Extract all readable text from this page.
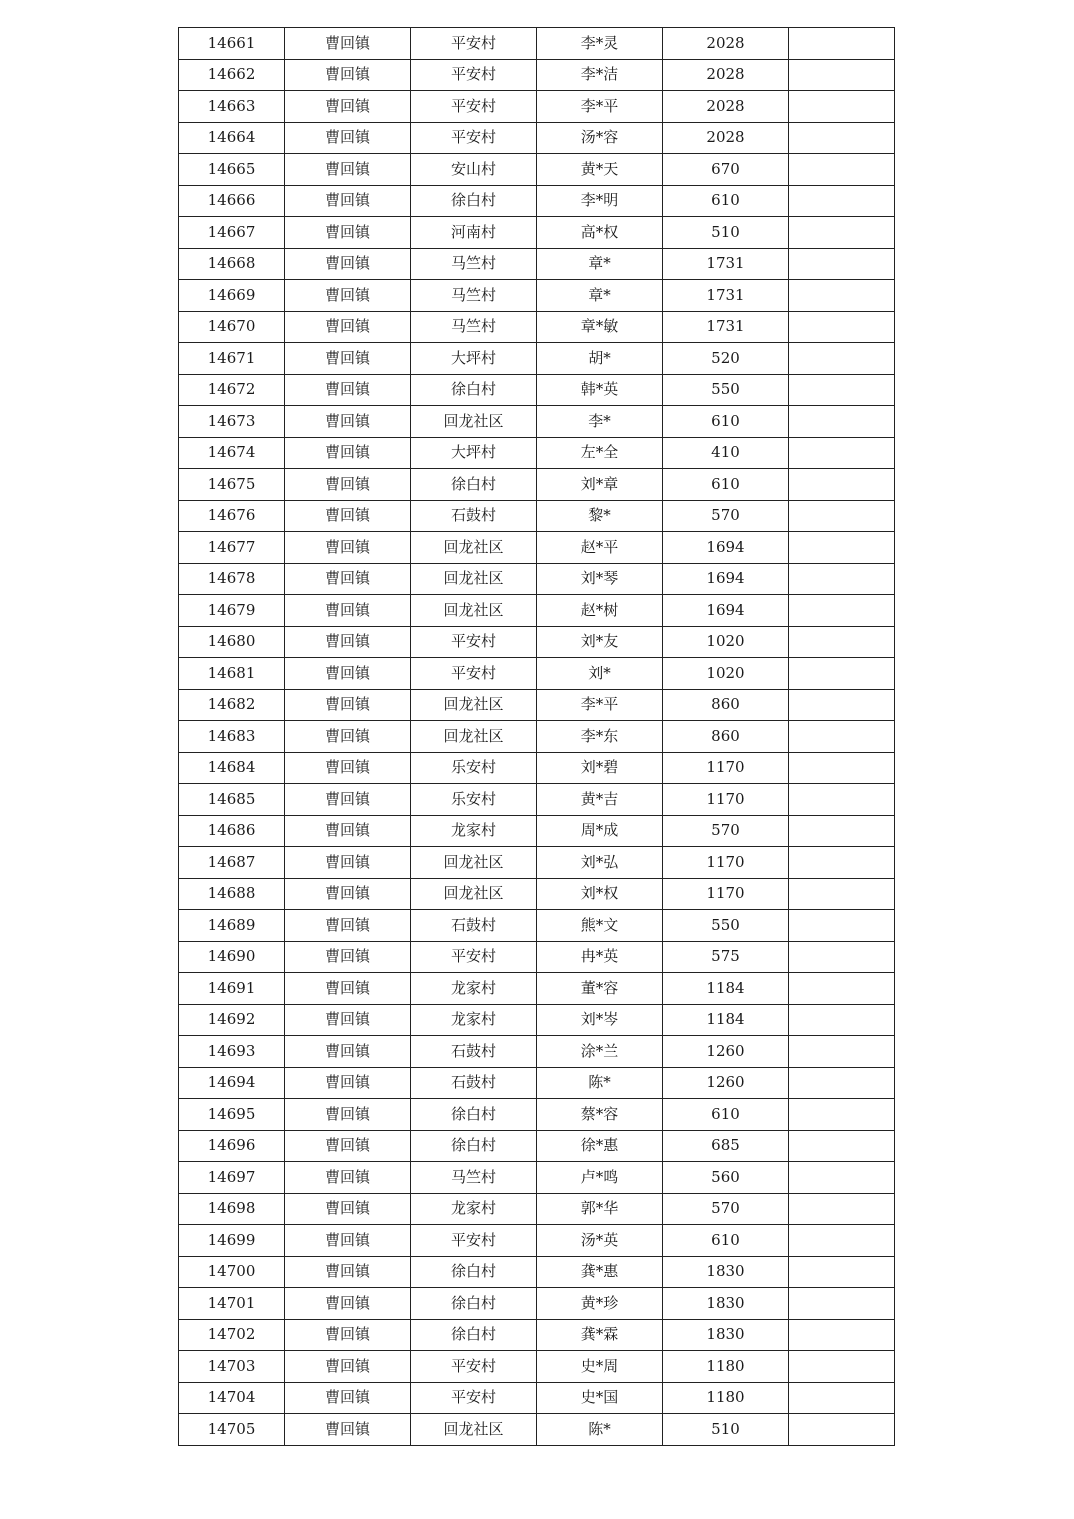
14661	曹回镇	平安村	李*灵	2028	
14662	曹回镇	平安村	李*洁	2028	
14663	曹回镇	平安村	李*平	2028	
14664	曹回镇	平安村	汤*容	2028	
14665	曹回镇	安山村	黄*天	670	
14666	曹回镇	徐白村	李*明	610	
14667	曹回镇	河南村	高*权	510	
14668	曹回镇	马竺村	章*	1731	
14669	曹回镇	马竺村	章*	1731	
14670	曹回镇	马竺村	章*敏	1731	
14671	曹回镇	大坪村	胡*	520	
14672	曹回镇	徐白村	韩*英	550	
14673	曹回镇	回龙社区	李*	610	
14674	曹回镇	大坪村	左*全	410	
14675	曹回镇	徐白村	刘*章	610	
14676	曹回镇	石鼓村	黎*	570	
14677	曹回镇	回龙社区	赵*平	1694	
14678	曹回镇	回龙社区	刘*琴	1694	
14679	曹回镇	回龙社区	赵*树	1694	
14680	曹回镇	平安村	刘*友	1020	
14681	曹回镇	平安村	刘*	1020	
14682	曹回镇	回龙社区	李*平	860	
14683	曹回镇	回龙社区	李*东	860	
14684	曹回镇	乐安村	刘*碧	1170	
14685	曹回镇	乐安村	黄*吉	1170	
14686	曹回镇	龙家村	周*成	570	
14687	曹回镇	回龙社区	刘*弘	1170	
14688	曹回镇	回龙社区	刘*权	1170	
14689	曹回镇	石鼓村	熊*文	550	
14690	曹回镇	平安村	冉*英	575	
14691	曹回镇	龙家村	董*容	1184	
14692	曹回镇	龙家村	刘*岑	1184	
14693	曹回镇	石鼓村	涂*兰	1260	
14694	曹回镇	石鼓村	陈*	1260	
14695	曹回镇	徐白村	蔡*容	610	
14696	曹回镇	徐白村	徐*惠	685	
14697	曹回镇	马竺村	卢*鸣	560	
14698	曹回镇	龙家村	郭*华	570	
14699	曹回镇	平安村	汤*英	610	
14700	曹回镇	徐白村	龚*惠	1830	
14701	曹回镇	徐白村	黄*珍	1830	
14702	曹回镇	徐白村	龚*霖	1830	
14703	曹回镇	平安村	史*周	1180	
14704	曹回镇	平安村	史*国	1180	
14705	曹回镇	回龙社区	陈*	510	
